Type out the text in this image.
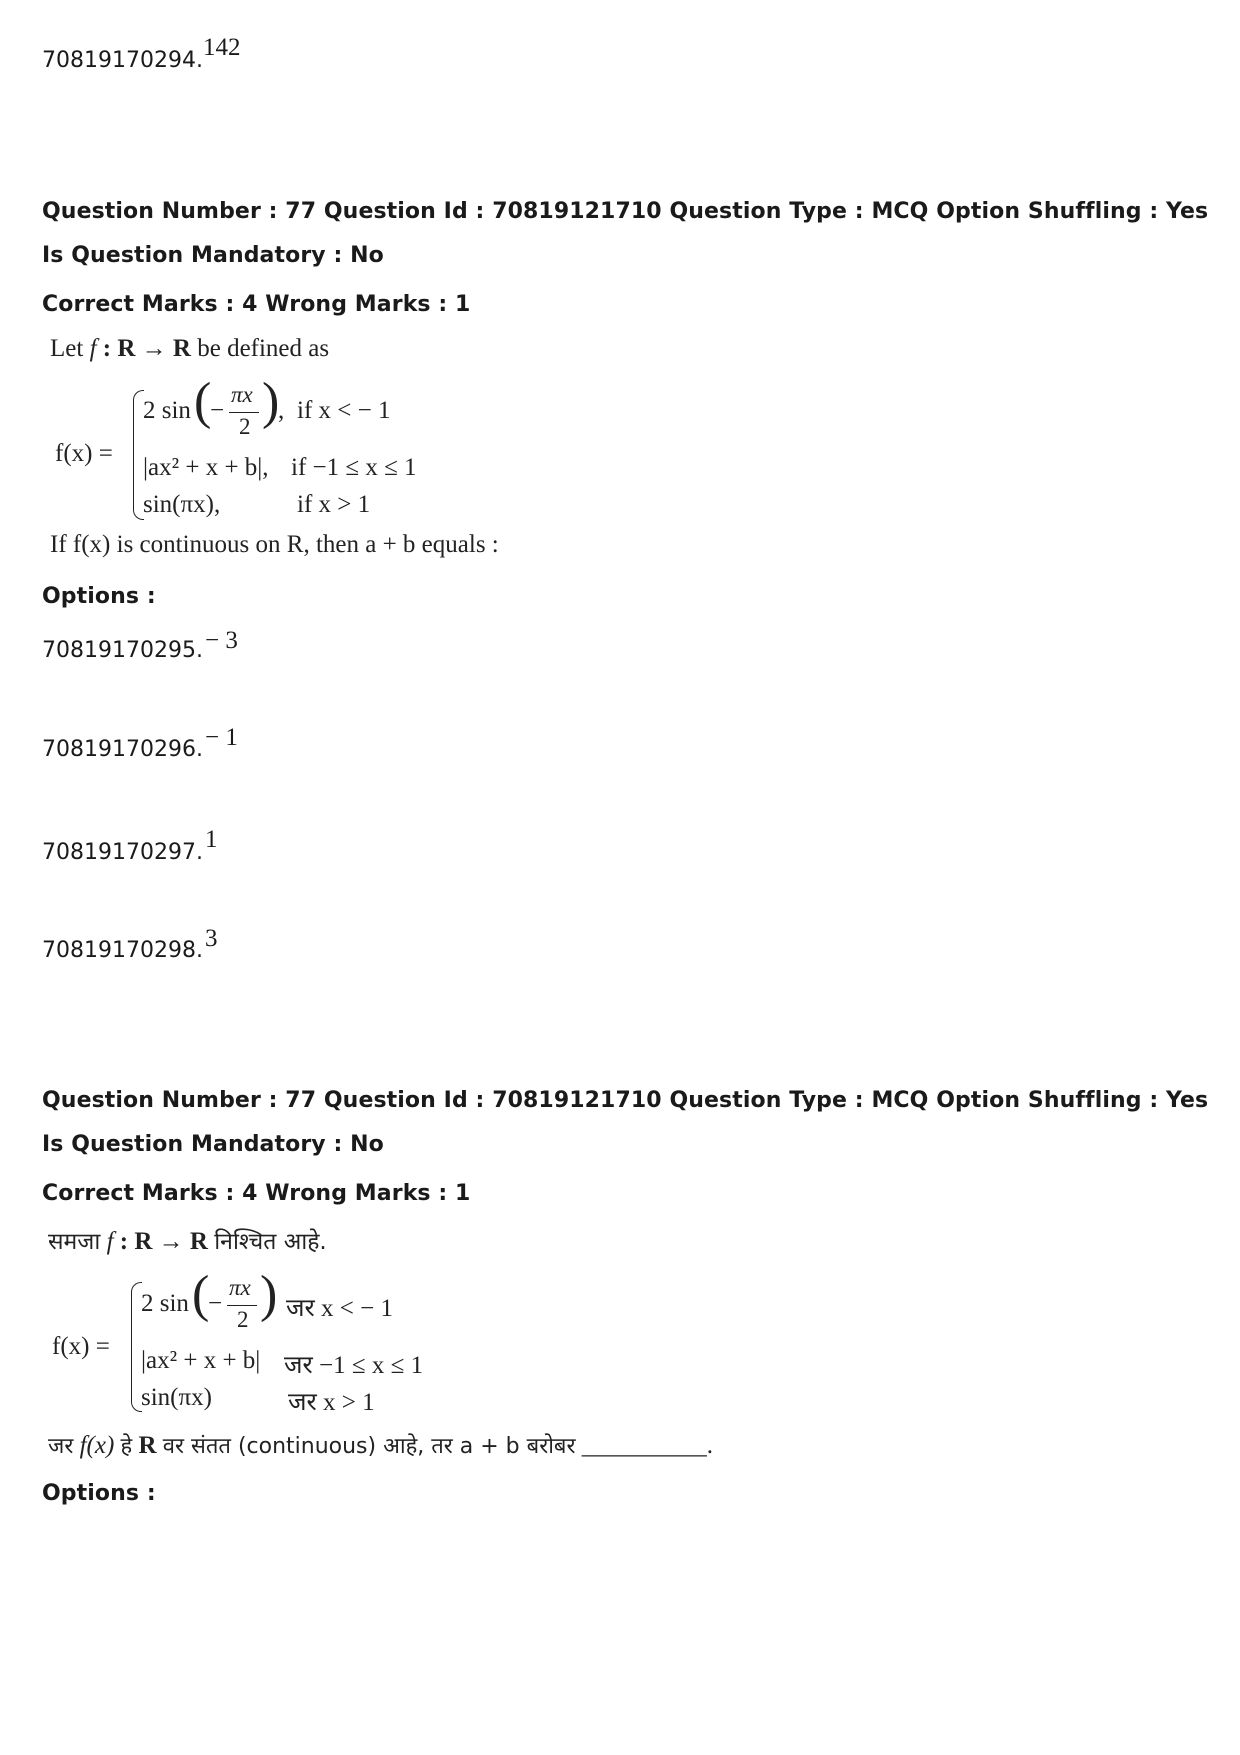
70819170294. 142
Question Number : 77 Question Id : 70819121710 Question Type : MCQ Option Shuffling : Yes
Is Question Mandatory : No
Correct Marks : 4 Wrong Marks : 1
Let f : R → R be defined as
f(x) =
2 sin (
−
πx
2 )
, if x < − 1
|ax² + x + b|, if −1 ≤ x ≤ 1
sin(πx),	if x > 1
If f(x) is continuous on R, then a + b equals :
Options :
70819170295. − 3
70819170296. − 1
70819170297. 1
70819170298. 3
Question Number : 77 Question Id : 70819121710 Question Type : MCQ Option Shuffling : Yes
Is Question Mandatory : No
Correct Marks : 4 Wrong Marks : 1
समजा f : R → R निश्चित आहे.
f(x) =
2 sin (
−
πx
2 ) जर x < − 1
|ax² + x + b| जर −1 ≤ x ≤ 1
sin(πx)	जर x > 1
जर f(x) हे R वर संतत (continuous) आहे, तर a + b बरोबर __________.
Options :
